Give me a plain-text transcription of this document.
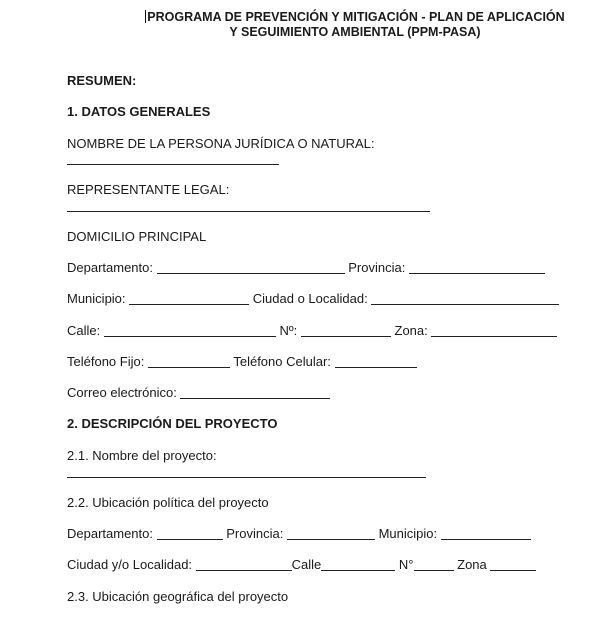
PROGRAMA DE PREVENCIÓN Y MITIGACIÓN - PLAN DE APLICACIÓN
Y SEGUIMIENTO AMBIENTAL (PPM-PASA)
RESUMEN:
1. DATOS GENERALES
NOMBRE DE LA PERSONA JURÍDICA O NATURAL:
REPRESENTANTE LEGAL:
DOMICILIO PRINCIPAL
Departamento:	Provincia:
Municipio:	Ciudad o Localidad:
Calle:	Nº:	Zona:
Teléfono Fijo:	Teléfono Celular:
Correo electrónico:
2. DESCRIPCIÓN DEL PROYECTO
2.1. Nombre del proyecto:
2.2. Ubicación política del proyecto
Departamento:	Provincia:	Municipio:
Ciudad y/o Localidad:	Calle	N°	Zona
2.3. Ubicación geográfica del proyecto
